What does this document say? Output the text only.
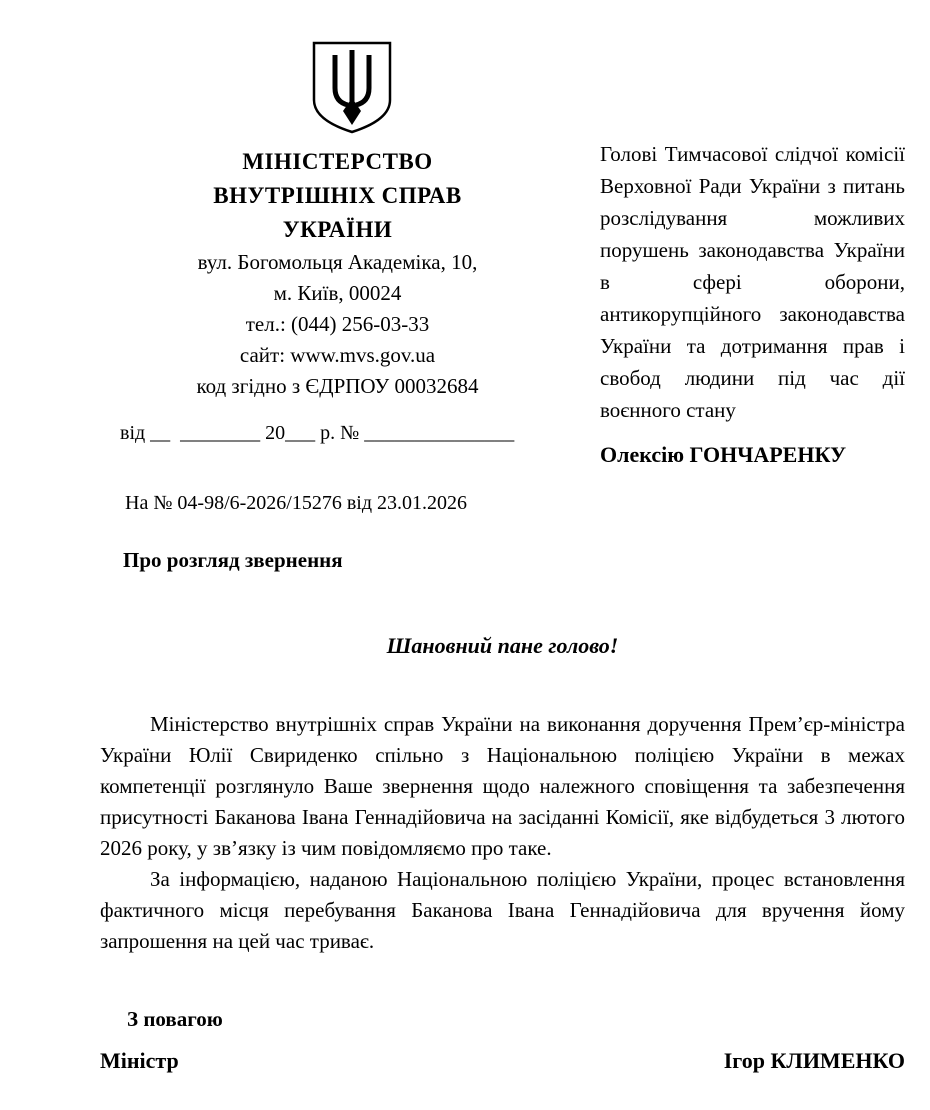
МІНІСТЕРСТВО
ВНУТРІШНІХ СПРАВ
УКРАЇНИ
вул. Богомольця Академіка, 10,
м. Київ, 00024
тел.: (044) 256-03-33
сайт: www.mvs.gov.ua
код згідно з ЄДРПОУ 00032684
від __  ________ 20___ р. № _______________
На № 04-98/6-2026/15276 від 23.01.2026

Голові Тимчасової слідчої комісії Верховної Ради України з питань розслідування можливих порушень законодавства України в сфері оборони, антикорупційного законодавства України та дотримання прав і свобод людини під час дії воєнного стану

Олексію ГОНЧАРЕНКУ

Про розгляд звернення
Шановний пане голово!

Міністерство внутрішніх справ України на виконання доручення Прем’єр-міністра України Юлії Свириденко спільно з Національною поліцією України в межах компетенції розглянуло Ваше звернення щодо належного сповіщення та забезпечення присутності Баканова Івана Геннадійовича на засіданні Комісії, яке відбудеться 3 лютого 2026 року, у зв’язку із чим повідомляємо про таке.

За інформацією, наданою Національною поліцією України, процес встановлення фактичного місця перебування Баканова Івана Геннадійовича для вручення йому запрошення на цей час триває.

З повагою
Міністр	Ігор КЛИМЕНКО
